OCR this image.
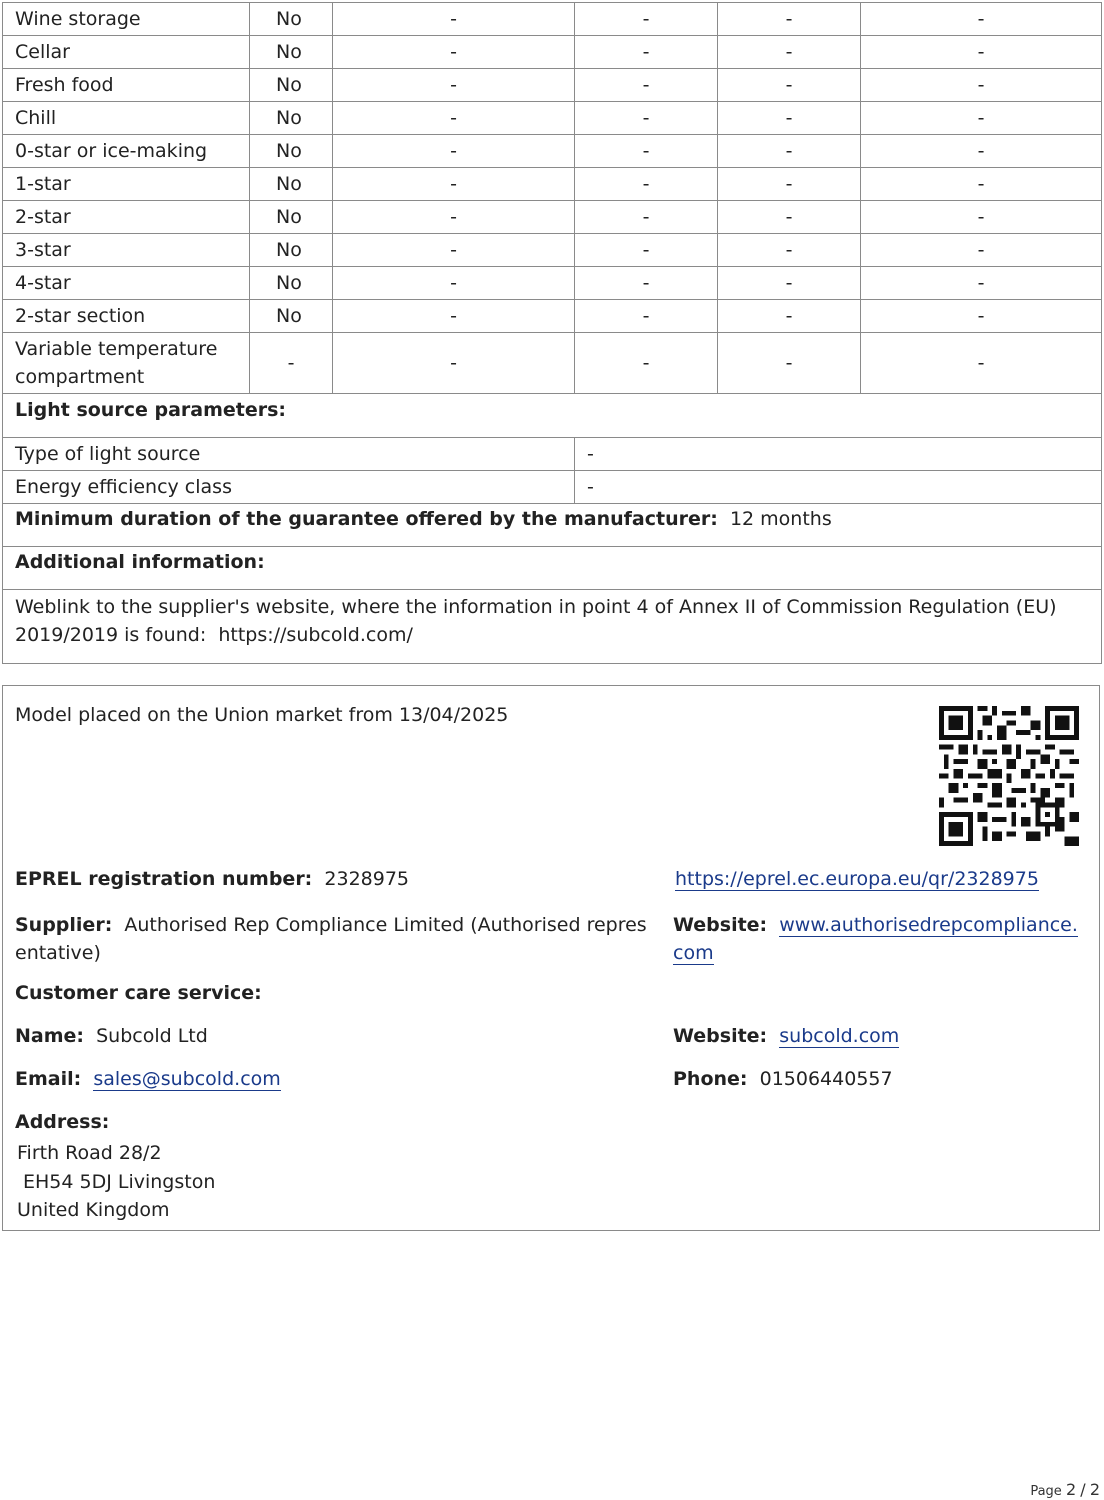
Wine storage	No	-	-	-	-
Cellar	No	-	-	-	-
Fresh food	No	-	-	-	-
Chill	No	-	-	-	-
0-star or ice-making	No	-	-	-	-
1-star	No	-	-	-	-
2-star	No	-	-	-	-
3-star	No	-	-	-	-
4-star	No	-	-	-	-
2-star section	No	-	-	-	-
Variable temperature compartment	-	-	-	-	-
Light source parameters:					
Type of light source			-		
Energy efficiency class			-		
Minimum duration of the guarantee offered by the manufacturer: 12 months					
Additional information:					
Weblink to the supplier's website, where the information in point 4 of Annex II of Commission Regulation (EU) 2019/2019 is found: https://subcold.com/					
Model placed on the Union market from 13/04/2025
EPREL registration number: 2328975	https://eprel.ec.europa.eu/qr/2328975
Supplier: Authorised Rep Compliance Limited (Authorised repres entative)
Website: www.authorisedrepcompliance.
com
Customer care service:
Name: Subcold Ltd	Website: subcold.com
Email: sales@subcold.com	Phone: 01506440557
Address:
Firth Road 28/2
EH54 5DJ Livingston
United Kingdom
Page 2 / 2
